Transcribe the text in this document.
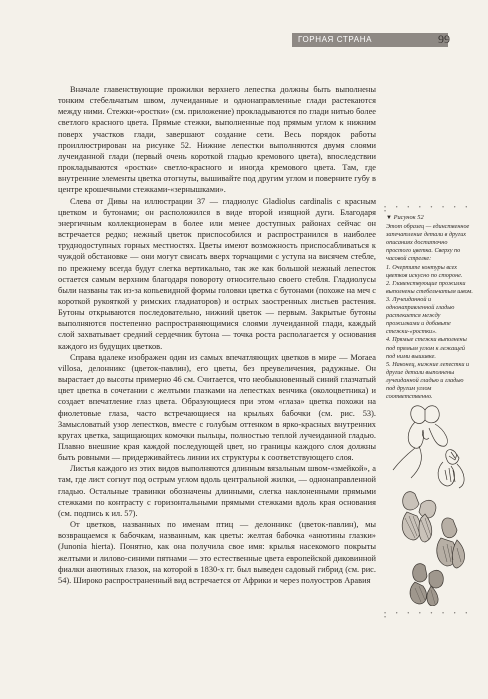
ГОРНАЯ СТРАНА	99

Вначале главенствующие прожилки верхнего лепестка должны быть выполнены тонким стебельчатым швом, лучеиданные и однонаправленные глади растекаются между ними. Стежки-«ростки» (см. приложение) прокладываются по глади нитью более светлого красного цвета. Прямые стежки, выполненные под прямым углом к нижним поверх участков глади, завершают создание сети. Весь порядок работы проиллюстрирован на рисунке 52. Нижние лепестки выполняются двумя слоями лучеиданной глади (первый очень короткой гладью кремового цвета), впоследствии прокладываются «ростки» светло-красного и иногда кремового цвета. Там, где внутренние элементы цветка отогнуты, вышивайте под другим углом и поверните губу в центре крошечными стежками-«зернышками».

Слева от Дивы на иллюстрации 37 — гладиолус Gladiolus cardinalis с красным цветком и бутонами; он расположился в виде второй изящной дуги. Благодаря энергичным коллекционерам в более или менее доступных районах сейчас он встречается редко; нежный цветок приспособился и распространился в наиболее труднодоступных горных местностях. Цветы имеют возможность приспосабливаться к чуждой обстановке — они могут свисать вверх торчащими с уступа на висячем стебле, по прежнему всегда будут слегка вертикально, так же как большой нежный лепесток остается самым верхним благодаря повороту относительно своего стебля. Гладиолусы были названы так из-за копьевидной формы головки цветка с бутонами (похоже на меч с короткой рукояткой у римских гладиаторов) и острых заостренных листьев растения. Бутоны открываются последовательно, нижний цветок — первым. Закрытые бутоны выполняются постепенно распространяющимися слоями лучеиданной глади, каждый слой захватывает средний сердечник бутона — точка роста располагается у основания каждого из будущих цветков.

Справа вдалеке изображен один из самых впечатляющих цветков в мире — Moraea villosa, делонникс (цветок-павлин), его цветы, без преувеличения, радужные. Он вырастает до высоты примерно 46 см. Считается, что необыкновенный синий глазчатый цвет цветка в сочетании с желтыми глазками на лепестках венчика (околоцветника) и создает впечатление глаз цвета. Образующиеся при этом «глаза» цветка похожи на фиолетовые глаза, часто встречающиеся на крыльях бабочки (см. рис. 53). Замысловатый узор лепестков, вместе с голубым оттенком в ярко-красных внутренних кругах цветка, защищающих комочки пыльцы, полностью теплой лучеиданной гладью. Плавно внешние края каждой последующей цвет, но границы каждого слоя должны быть ровными — придерживайтесь линии их структуры к соответствующего слоя.

Листья каждого из этих видов выполняются длинным вязальным швом-«змейкой», а там, где лист согнут под острым углом вдоль центральной жилки, — однонаправленной гладью. Остальные травинки обозначены длинными, слегка наклоненными прямыми стежками по контрасту с горизонтальными прямыми стежками вдоль края основания (см. подпись к ил. 57).

От цветков, названных по именам птиц — делонникс (цветок-павлин), мы возвращаемся к бабочкам, названным, как цветы: желтая бабочка «анютины глазки» (Junonia hierta). Понятно, как она получила свое имя: крылья насекомого покрыты желтыми и лилово-синими пятнами — это естественные цвета европейской диковинной фиалки анютиных глазок, на которой в 1830-х гг. был выведен садовый гибрид (см. рис. 54). Широко распространенный вид встречается от Африки и через полуостров Аравия

• • • • • • • • •
▼ Рисунок 52

Этот образец — единственное запечатление детали в других описаниях достаточно простого цветка. Сверху по часовой стрелке:

1. Очертите контуры всех цветков искусно по стороне.

2. Главенствующие прожилки выполнены стебельчатым швом.

3. Лучеиданной и однонаправленной гладью растекается между прожилками и добавьте стежки-«ростки».

4. Прямые стежки выполнены под прямым углом к лежащей под ними вышивке.

5. Наконец, нижние лепестки и другие детали выполнены лучеиданной гладью и гладью под другим углом соответственно.

• • • • • • • • •
